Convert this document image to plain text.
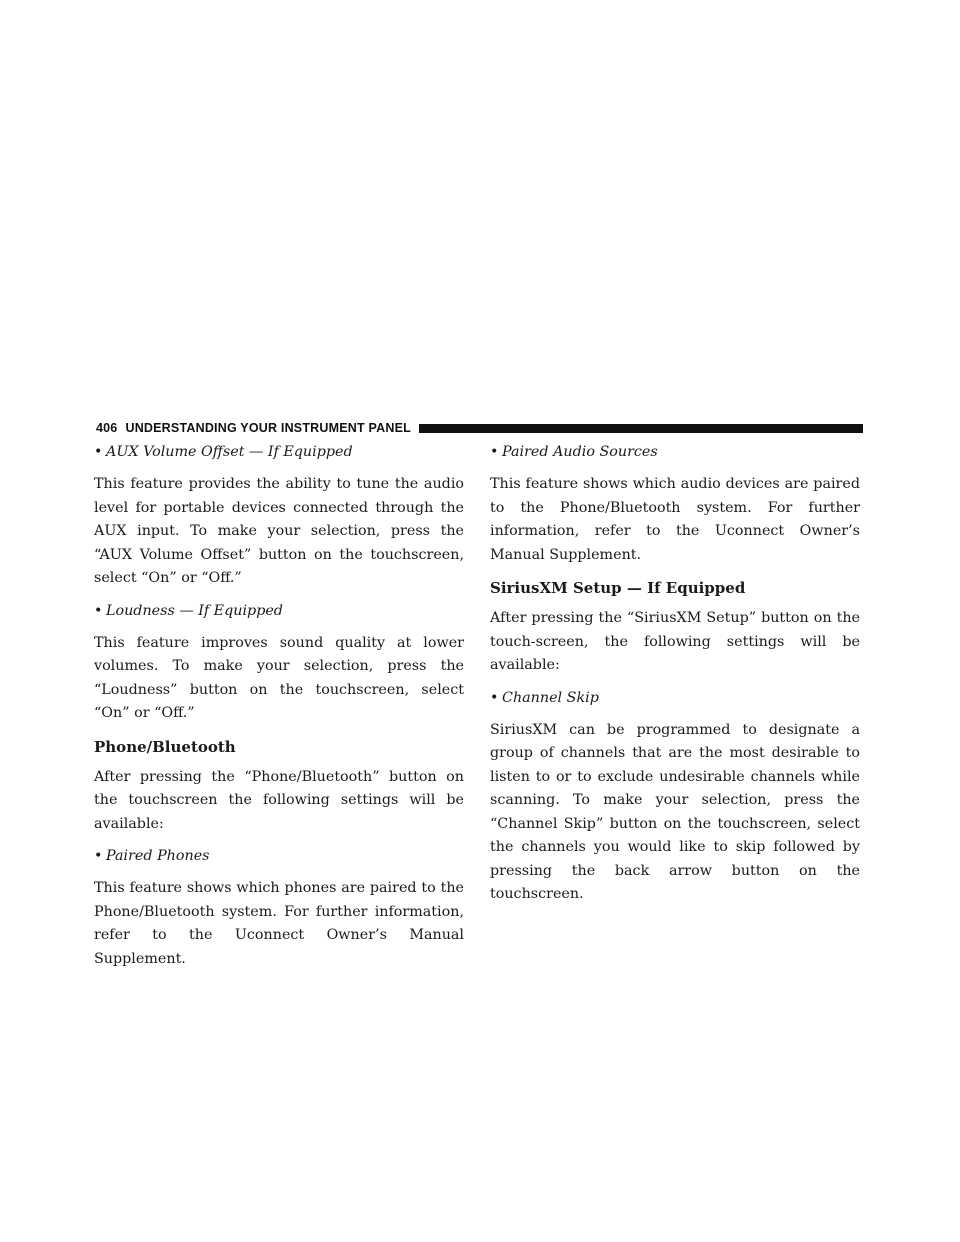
406 UNDERSTANDING YOUR INSTRUMENT PANEL
• AUX Volume Offset — If Equipped

This feature provides the ability to tune the audio level for portable devices connected through the AUX input. To make your selection, press the “AUX Volume Offset” button on the touchscreen, select “On” or “Off.”

• Loudness — If Equipped

This feature improves sound quality at lower volumes. To make your selection, press the “Loudness” button on the touchscreen, select “On” or “Off.”

Phone/Bluetooth

After pressing the “Phone/Bluetooth” button on the touchscreen the following settings will be available:

• Paired Phones

This feature shows which phones are paired to the Phone/Bluetooth system. For further information, refer to the Uconnect Owner’s Manual Supplement.

• Paired Audio Sources

This feature shows which audio devices are paired to the Phone/Bluetooth system. For further information, refer to the Uconnect Owner’s Manual Supplement.

SiriusXM Setup — If Equipped

After pressing the “SiriusXM Setup” button on the touch-screen, the following settings will be available:

• Channel Skip

SiriusXM can be programmed to designate a group of channels that are the most desirable to listen to or to exclude undesirable channels while scanning. To make your selection, press the “Channel Skip” button on the touchscreen, select the channels you would like to skip followed by pressing the back arrow button on the touchscreen.
